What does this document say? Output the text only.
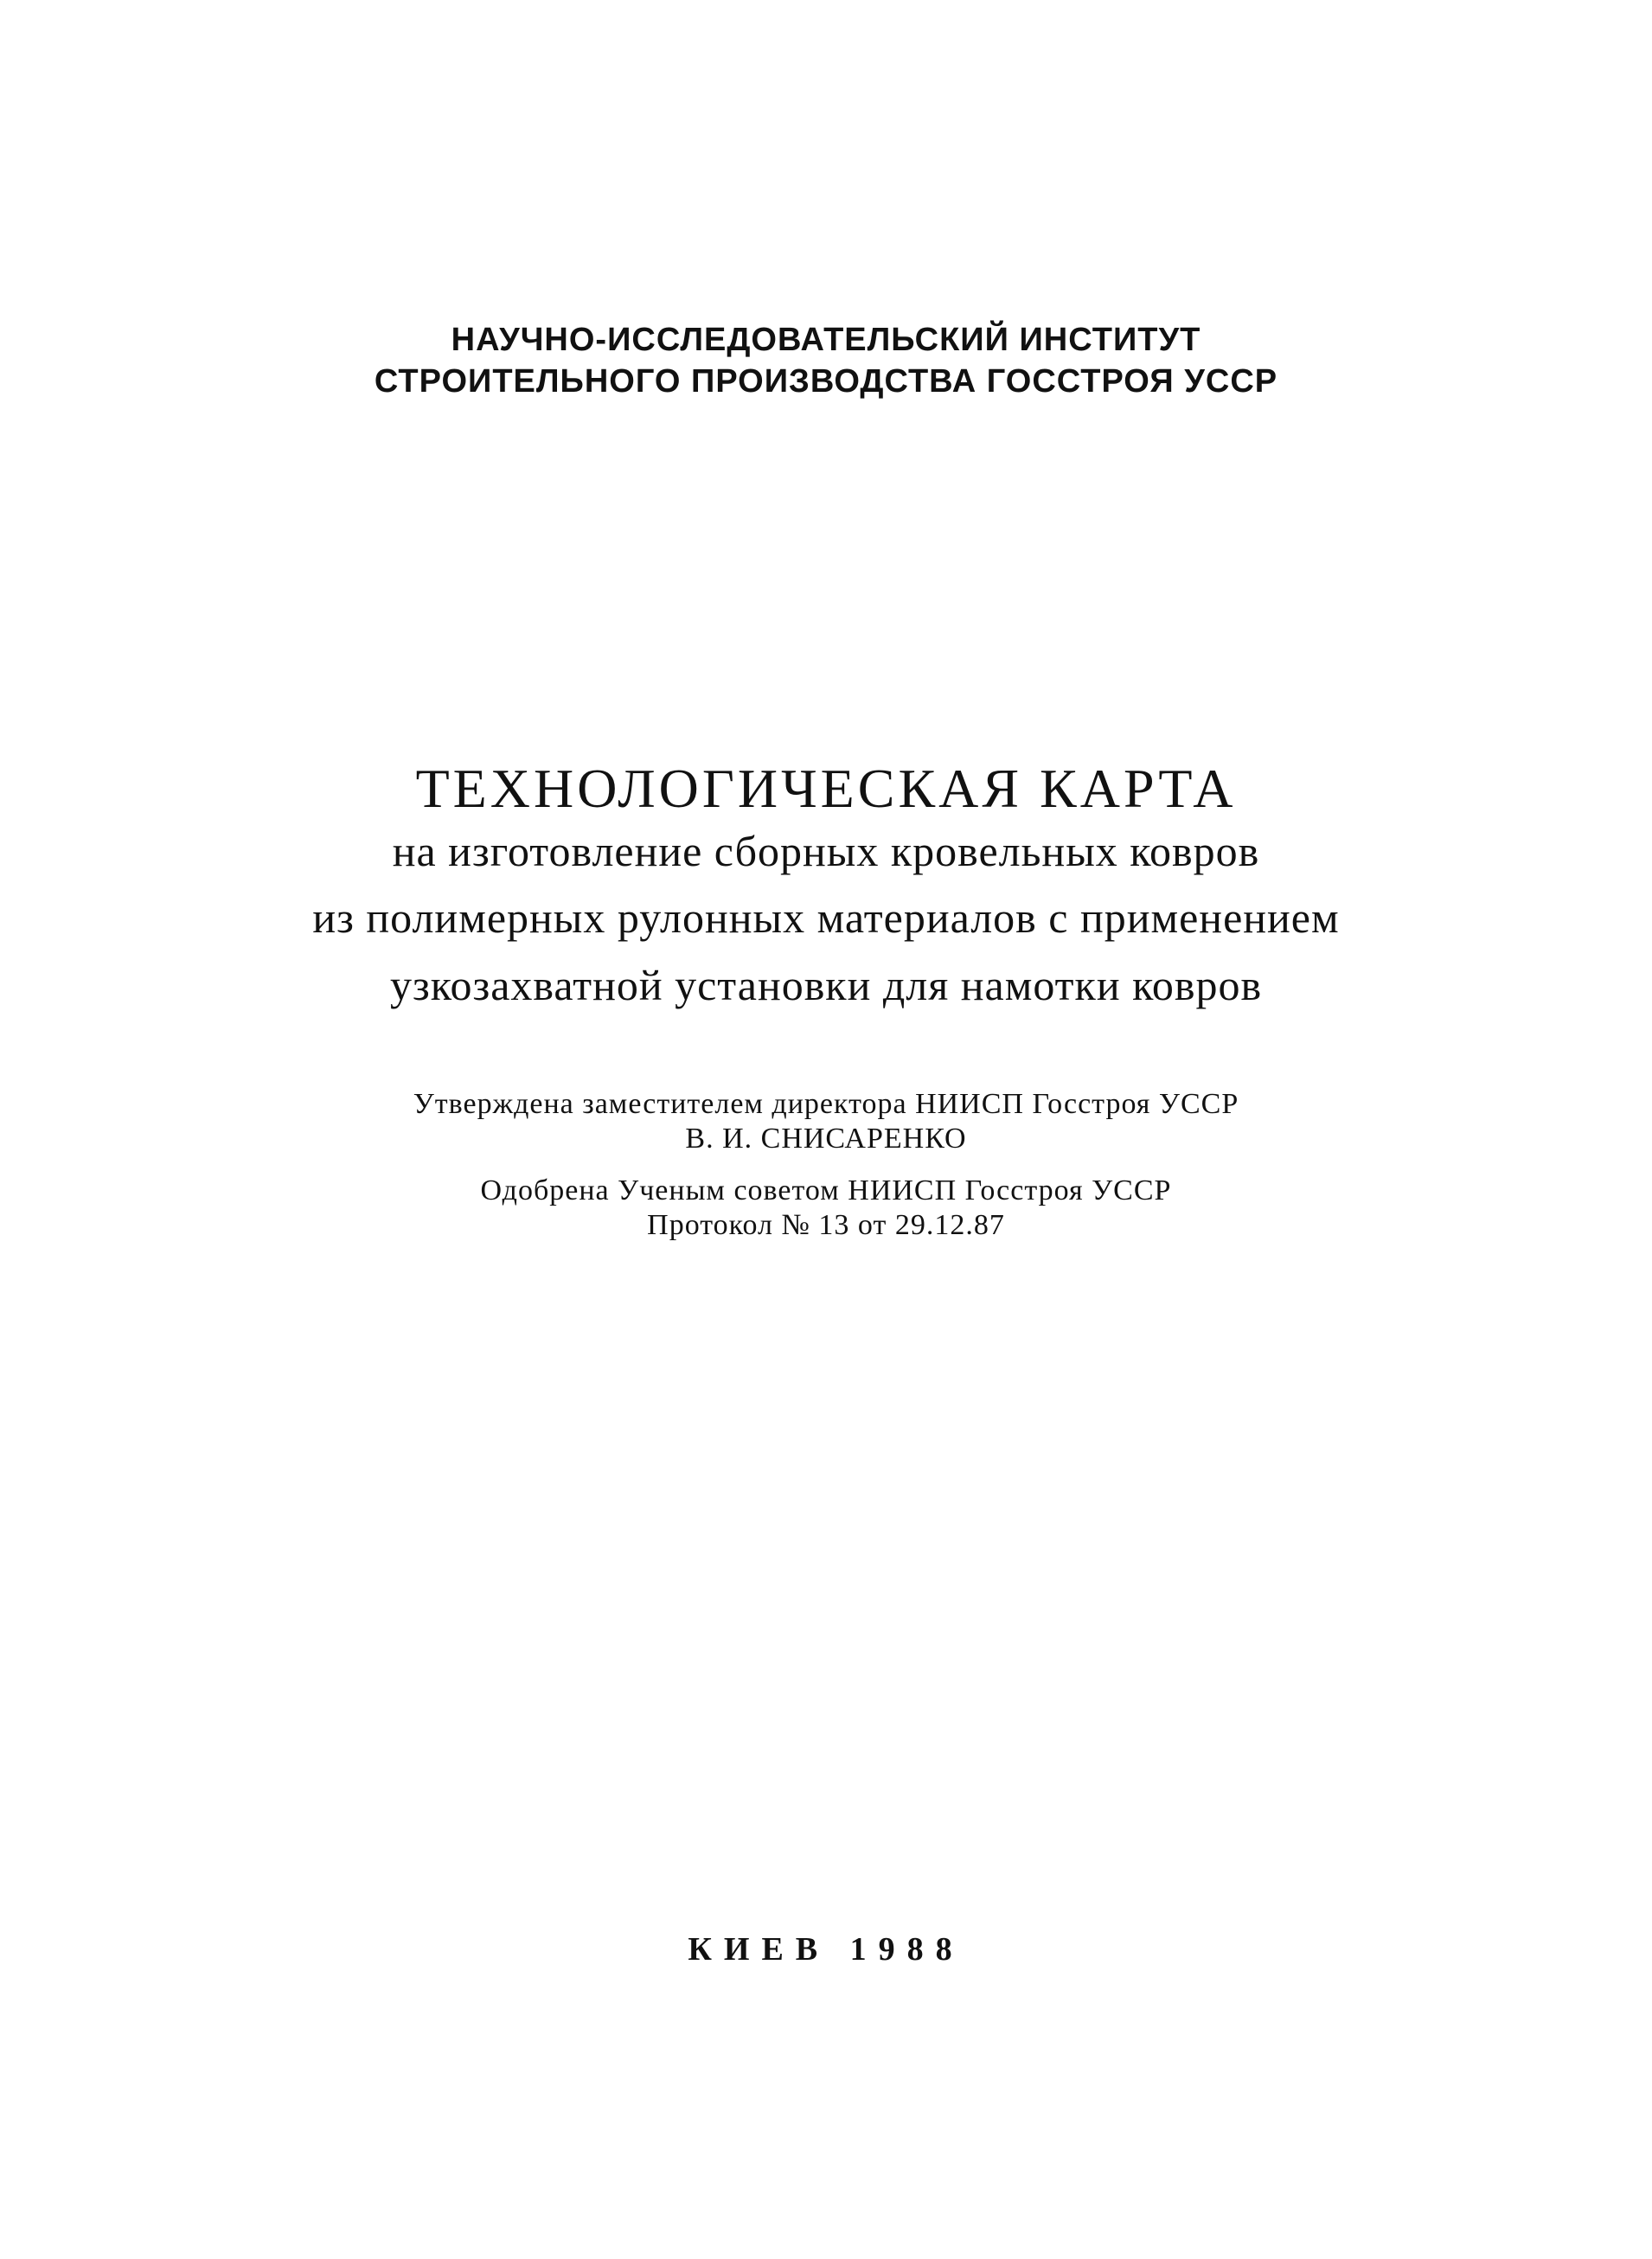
НАУЧНО-ИССЛЕДОВАТЕЛЬСКИЙ ИНСТИТУТ
СТРОИТЕЛЬНОГО ПРОИЗВОДСТВА ГОССТРОЯ УССР
ТЕХНОЛОГИЧЕСКАЯ КАРТА
на изготовление сборных кровельных ковров
из полимерных рулонных материалов с применением
узкозахватной установки для намотки ковров
Утверждена заместителем директора НИИСП Госстроя УССР
В. И. СНИСАРЕНКО
Одобрена Ученым советом НИИСП Госстроя УССР
Протокол № 13 от 29.12.87
КИЕВ 1988
